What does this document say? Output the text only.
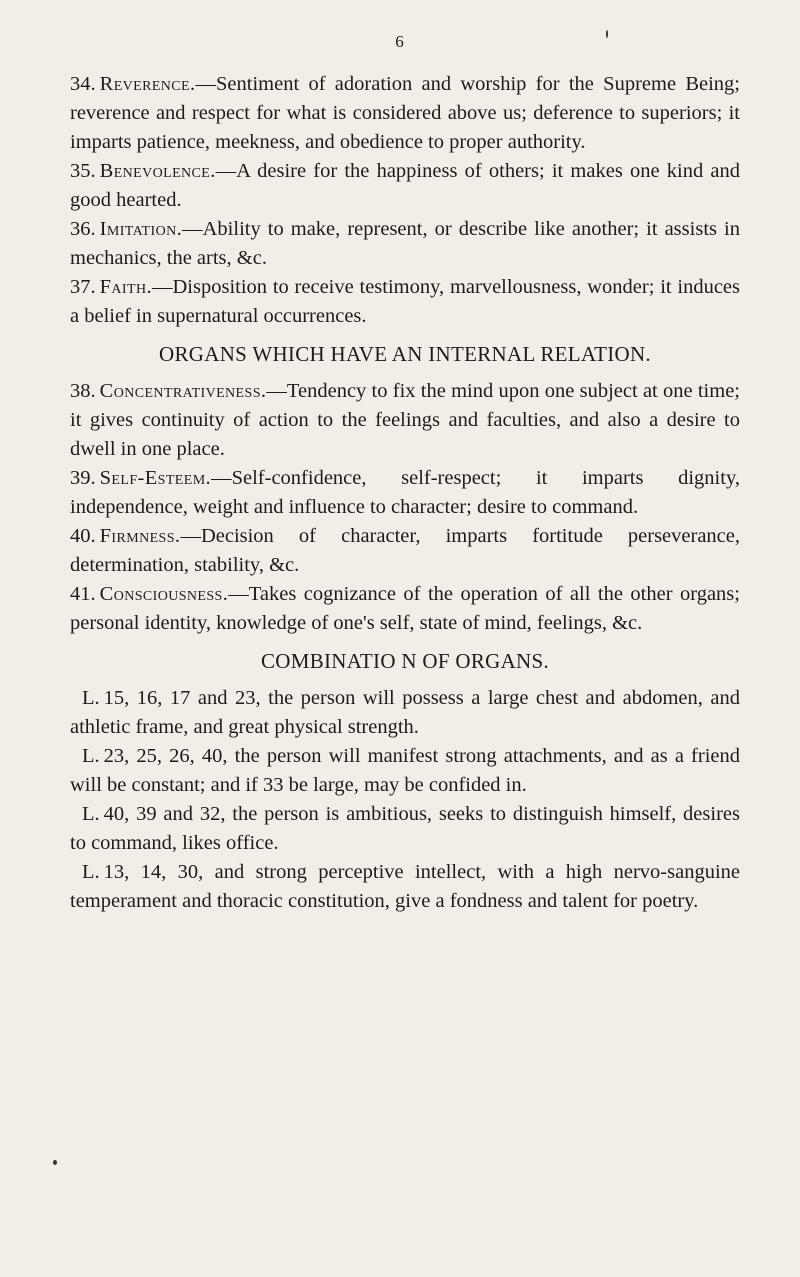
6

34. Reverence.—Sentiment of adoration and worship for the Supreme Being; reverence and respect for what is considered above us; deference to superiors; it imparts patience, meekness, and obedience to proper authority.

35. Benevolence.—A desire for the happiness of others; it makes one kind and good hearted.

36. Imitation.—Ability to make, represent, or describe like another; it assists in mechanics, the arts, &c.

37. Faith.—Disposition to receive testimony, marvellousness, wonder; it induces a belief in supernatural occurrences.

ORGANS WHICH HAVE AN INTERNAL RELATION.

38. Concentrativeness.—Tendency to fix the mind upon one subject at one time; it gives continuity of action to the feelings and faculties, and also a desire to dwell in one place.

39. Self-Esteem.—Self-confidence, self-respect; it imparts dignity, independence, weight and influence to character; desire to command.

40. Firmness.—Decision of character, imparts fortitude perseverance, determination, stability, &c.

41. Consciousness.—Takes cognizance of the operation of all the other organs; personal identity, knowledge of one's self, state of mind, feelings, &c.

COMBINATIO N OF ORGANS.

L. 15, 16, 17 and 23, the person will possess a large chest and abdomen, and athletic frame, and great physical strength.

L. 23, 25, 26, 40, the person will manifest strong attachments, and as a friend will be constant; and if 33 be large, may be confided in.

L. 40, 39 and 32, the person is ambitious, seeks to distinguish himself, desires to command, likes office.

L. 13, 14, 30, and strong perceptive intellect, with a high nervo-sanguine temperament and thoracic constitution, give a fondness and talent for poetry.
